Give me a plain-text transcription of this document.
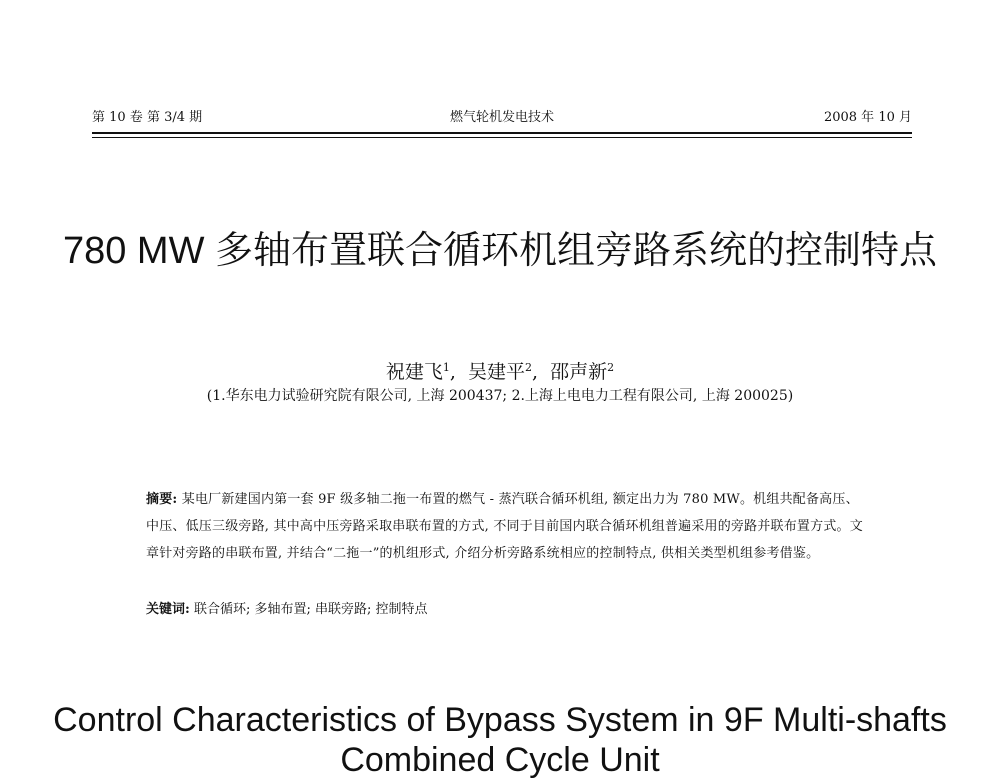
第 10 卷 第 3/4 期	燃气轮机发电技术	2008 年 10 月
780 MW 多轴布置联合循环机组旁路系统的控制特点
祝建飞$^1$,  吴建平$^2$,  邵声新$^2$
(1.华东电力试验研究院有限公司, 上海 200437; 2.上海上电电力工程有限公司, 上海 200025)

摘要: 某电厂新建国内第一套 9F 级多轴二拖一布置的燃气 - 蒸汽联合循环机组, 额定出力为 780 MW。机组共配备高压、中压、低压三级旁路, 其中高中压旁路采取串联布置的方式, 不同于目前国内联合循环机组普遍采用的旁路并联布置方式。文章针对旁路的串联布置, 并结合“二拖一”的机组形式, 介绍分析旁路系统相应的控制特点, 供相关类型机组参考借鉴。

关键词: 联合循环; 多轴布置; 串联旁路; 控制特点
Control Characteristics of Bypass System in 9F Multi-shafts Combined Cycle Unit
